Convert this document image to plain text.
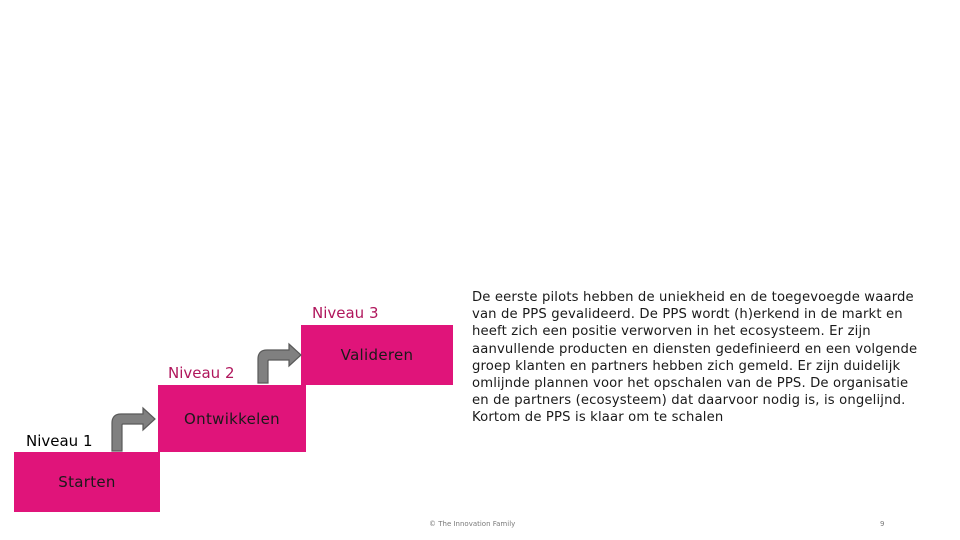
Niveau 3
Valideren
Niveau 2
Ontwikkelen
Niveau 1
Starten
De eerste pilots hebben de uniekheid en de toegevoegde waarde van de PPS gevalideerd. De PPS wordt (h)erkend in de markt en heeft zich een positie verworven in het ecosysteem. Er zijn aanvullende producten en diensten gedefinieerd en een volgende groep klanten en partners hebben zich gemeld. Er zijn duidelijk omlijnde plannen voor het opschalen van de PPS. De organisatie en de partners (ecosysteem) dat daarvoor nodig is, is ongelijnd. Kortom de PPS is klaar om te schalen
© The Innovation Family	9
